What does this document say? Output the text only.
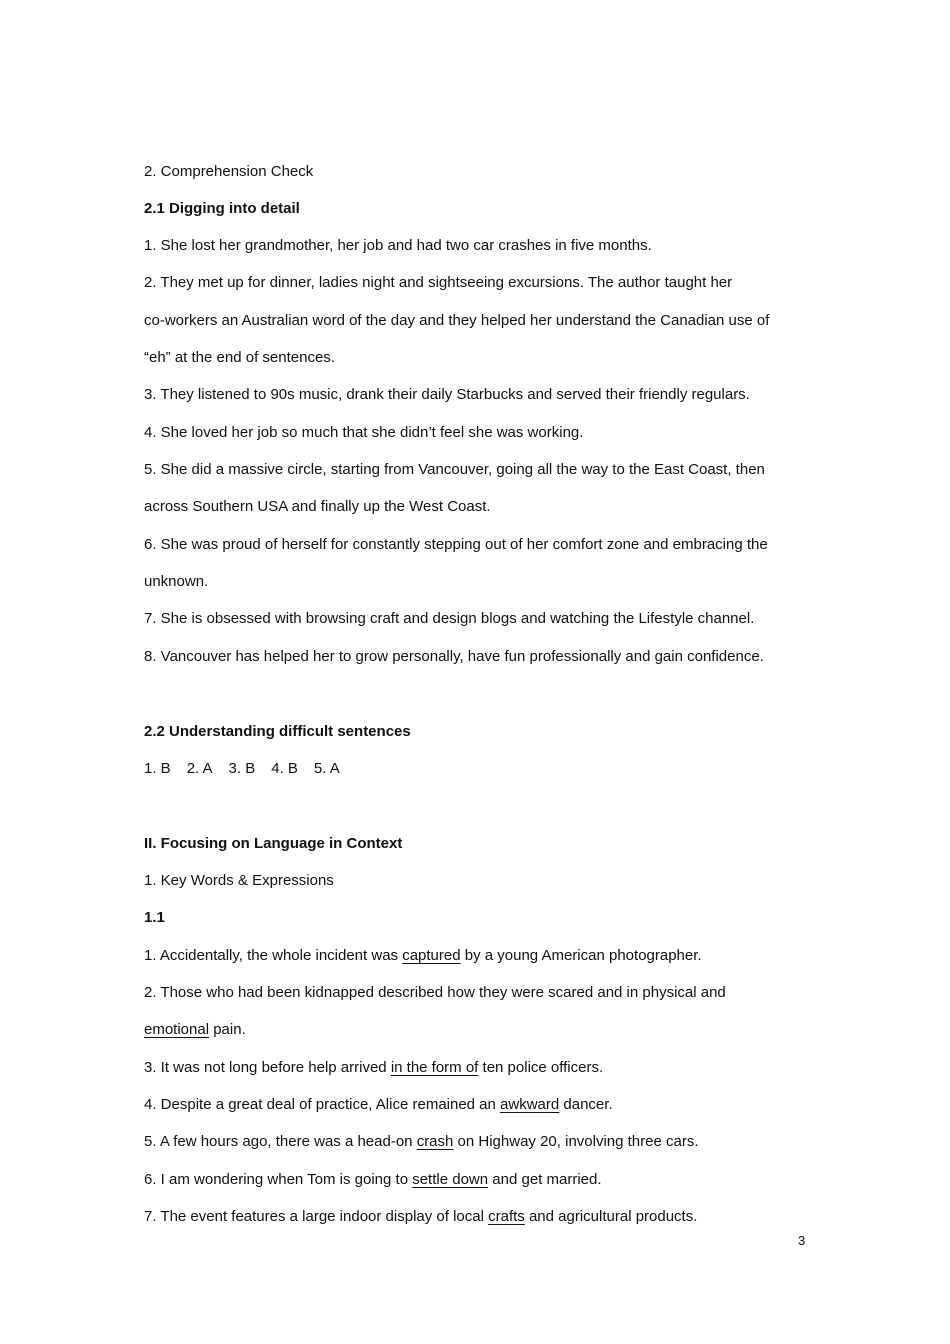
2. Comprehension Check
2.1 Digging into detail
1. She lost her grandmother, her job and had two car crashes in five months.
2. They met up for dinner, ladies night and sightseeing excursions. The author taught her
co-workers an Australian word of the day and they helped her understand the Canadian use of
“eh” at the end of sentences.
3. They listened to 90s music, drank their daily Starbucks and served their friendly regulars.
4. She loved her job so much that she didn’t feel she was working.
5. She did a massive circle, starting from Vancouver, going all the way to the East Coast, then
across Southern USA and finally up the West Coast.
6. She was proud of herself for constantly stepping out of her comfort zone and embracing the
unknown.
7. She is obsessed with browsing craft and design blogs and watching the Lifestyle channel.
8. Vancouver has helped her to grow personally, have fun professionally and gain confidence.
2.2 Understanding difficult sentences
1. B 2. A 3. B 4. B 5. A
II. Focusing on Language in Context
1. Key Words & Expressions
1.1
1. Accidentally, the whole incident was captured by a young American photographer.
2. Those who had been kidnapped described how they were scared and in physical and
emotional pain.
3. It was not long before help arrived in the form of ten police officers.
4. Despite a great deal of practice, Alice remained an awkward dancer.
5. A few hours ago, there was a head-on crash on Highway 20, involving three cars.
6. I am wondering when Tom is going to settle down and get married.
7. The event features a large indoor display of local crafts and agricultural products.
3
